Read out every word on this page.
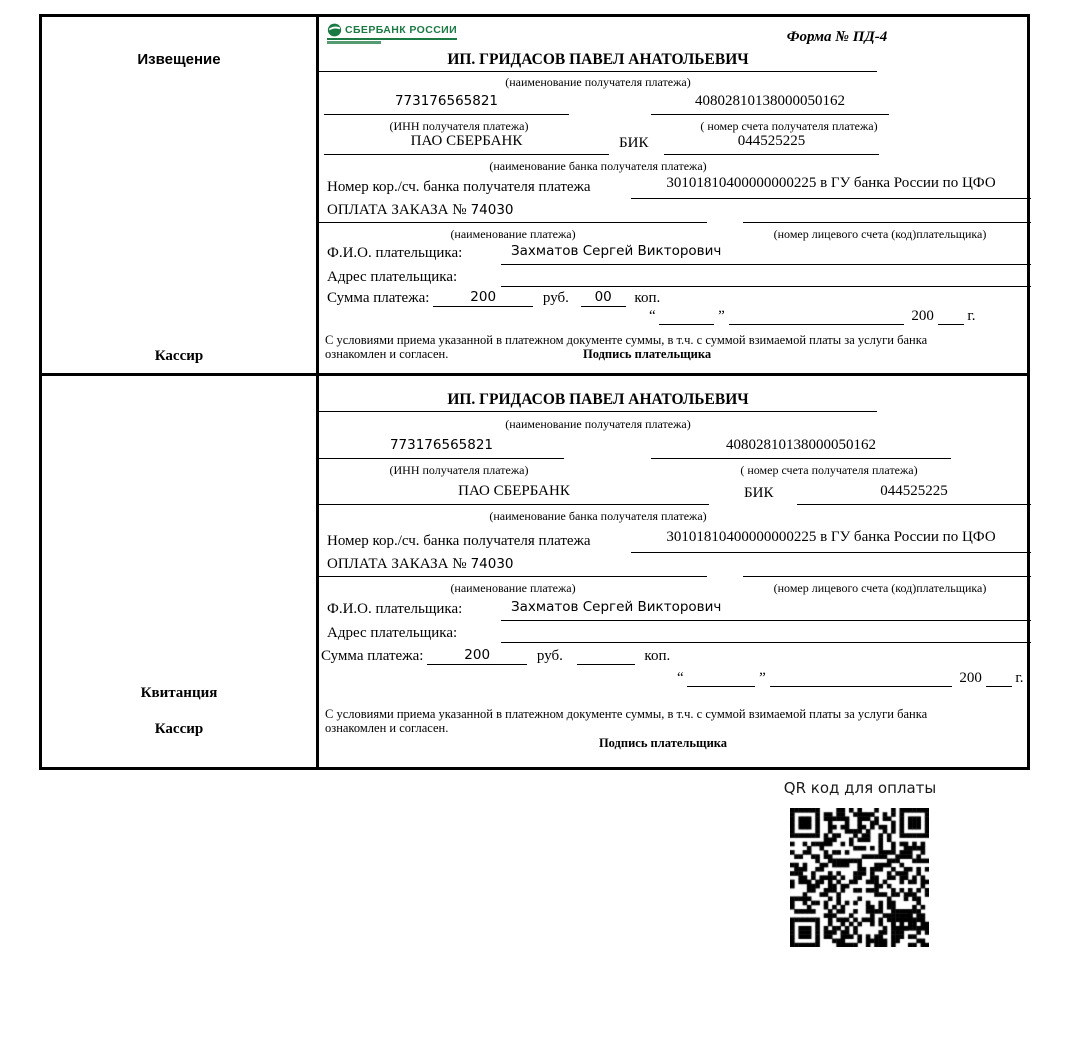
Извещение
Кассир
Квитанция
Кассир
СБЕРБАНК РОССИИ	Форма № ПД-4
ИП. ГРИДАСОВ ПАВЕЛ АНАТОЛЬЕВИЧ
(наименование получателя платежа)
773176565821	40802810138000050162
(ИНН получателя платежа)	( номер счета получателя платежа)
ПАО СБЕРБАНК	БИК	044525225
(наименование банка получателя платежа)
Номер кор./сч. банка получателя платежа	30101810400000000225 в ГУ банка России по ЦФО
ОПЛАТА ЗАКАЗА № 74030
(наименование платежа)	(номер лицевого счета (код)плательщика)
Ф.И.О. плательщика:	Захматов Сергей Викторович
Адрес плательщика:
Сумма платежа:	200	руб. 00 коп.
“	”	200 г.
С условиями приема указанной в платежном документе суммы, в т.ч. с суммой взимаемой платы за услуги банка
ознакомлен и согласен.	Подпись плательщика
ИП. ГРИДАСОВ ПАВЕЛ АНАТОЛЬЕВИЧ
(наименование получателя платежа)
773176565821	40802810138000050162
(ИНН получателя платежа)	( номер счета получателя платежа)
ПАО СБЕРБАНК	БИК	044525225
(наименование банка получателя платежа)
Номер кор./сч. банка получателя платежа	30101810400000000225 в ГУ банка России по ЦФО
ОПЛАТА ЗАКАЗА № 74030
(наименование платежа)	(номер лицевого счета (код)плательщика)
Ф.И.О. плательщика:	Захматов Сергей Викторович
Адрес плательщика:
Сумма платежа:	200	руб.	коп.
“	”	200 г.
С условиями приема указанной в платежном документе суммы, в т.ч. с суммой взимаемой платы за услуги банка
ознакомлен и согласен.
Подпись плательщика
QR код для оплаты
